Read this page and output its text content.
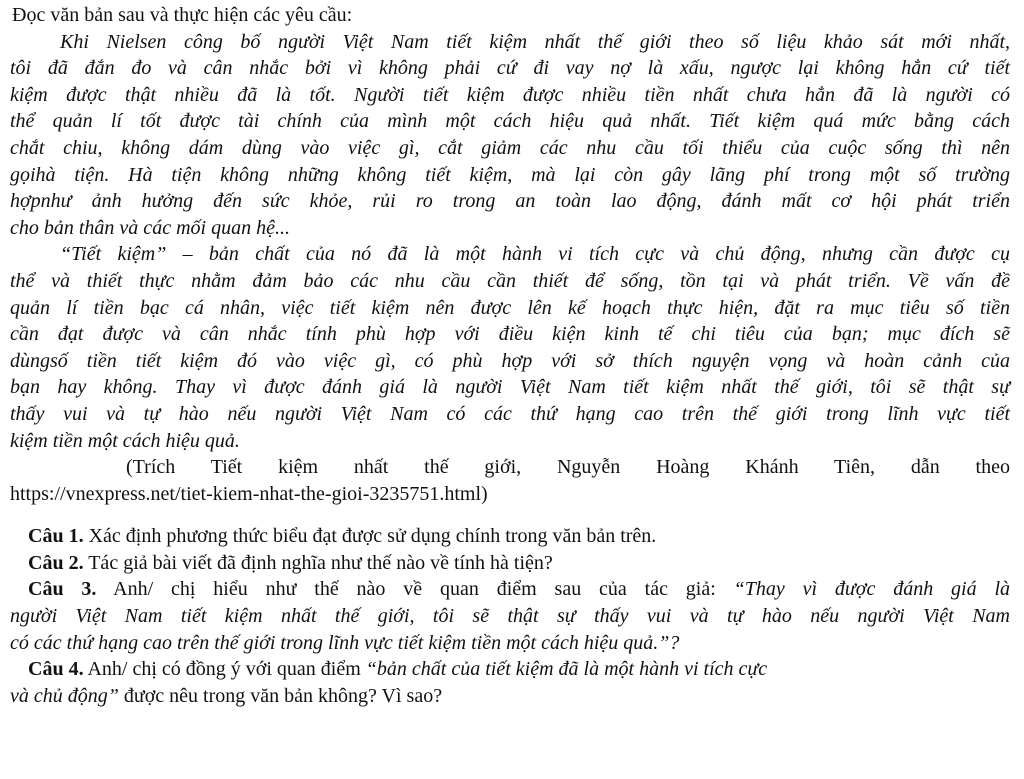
Đọc văn bản sau và thực hiện các yêu cầu:
Khi Nielsen công bố người Việt Nam tiết kiệm nhất thế giới theo số liệu khảo sát mới nhất,
tôi đã đắn đo và cân nhắc bởi vì không phải cứ đi vay nợ là xấu, ngược lại không hẳn cứ tiết
kiệm được thật nhiều đã là tốt. Người tiết kiệm được nhiều tiền nhất chưa hẳn đã là người có
thể quản lí tốt được tài chính của mình một cách hiệu quả nhất. Tiết kiệm quá mức bằng cách
chắt chiu, không dám dùng vào việc gì, cắt giảm các nhu cầu tối thiểu của cuộc sống thì nên
gọihà tiện. Hà tiện không những không tiết kiệm, mà lại còn gây lãng phí trong một số trường
hợpnhư ảnh hưởng đến sức khỏe, rủi ro trong an toàn lao động, đánh mất cơ hội phát triển
cho bản thân và các mối quan hệ...
“Tiết kiệm” – bản chất của nó đã là một hành vi tích cực và chủ động, nhưng cần được cụ
thể và thiết thực nhằm đảm bảo các nhu cầu cần thiết để sống, tồn tại và phát triển. Về vấn đề
quản lí tiền bạc cá nhân, việc tiết kiệm nên được lên kế hoạch thực hiện, đặt ra mục tiêu số tiền
cần đạt được và cân nhắc tính phù hợp với điều kiện kinh tế chi tiêu của bạn; mục đích sẽ
dùngsố tiền tiết kiệm đó vào việc gì, có phù hợp với sở thích nguyện vọng và hoàn cảnh của
bạn hay không. Thay vì được đánh giá là người Việt Nam tiết kiệm nhất thế giới, tôi sẽ thật sự
thấy vui và tự hào nếu người Việt Nam có các thứ hạng cao trên thế giới trong lĩnh vực tiết
kiệm tiền một cách hiệu quả.
(Trích Tiết kiệm nhất thế giới, Nguyễn Hoàng Khánh Tiên, dẫn theo
https://vnexpress.net/tiet-kiem-nhat-the-gioi-3235751.html)
Câu 1. Xác định phương thức biểu đạt được sử dụng chính trong văn bản trên.
Câu 2. Tác giả bài viết đã định nghĩa như thế nào về tính hà tiện?
Câu 3. Anh/ chị hiểu như thế nào về quan điểm sau của tác giả: “Thay vì được đánh giá là
người Việt Nam tiết kiệm nhất thế giới, tôi sẽ thật sự thấy vui và tự hào nếu người Việt Nam
có các thứ hạng cao trên thế giới trong lĩnh vực tiết kiệm tiền một cách hiệu quả.”?
Câu 4. Anh/ chị có đồng ý với quan điểm “bản chất của tiết kiệm đã là một hành vi tích cực
và chủ động” được nêu trong văn bản không? Vì sao?
